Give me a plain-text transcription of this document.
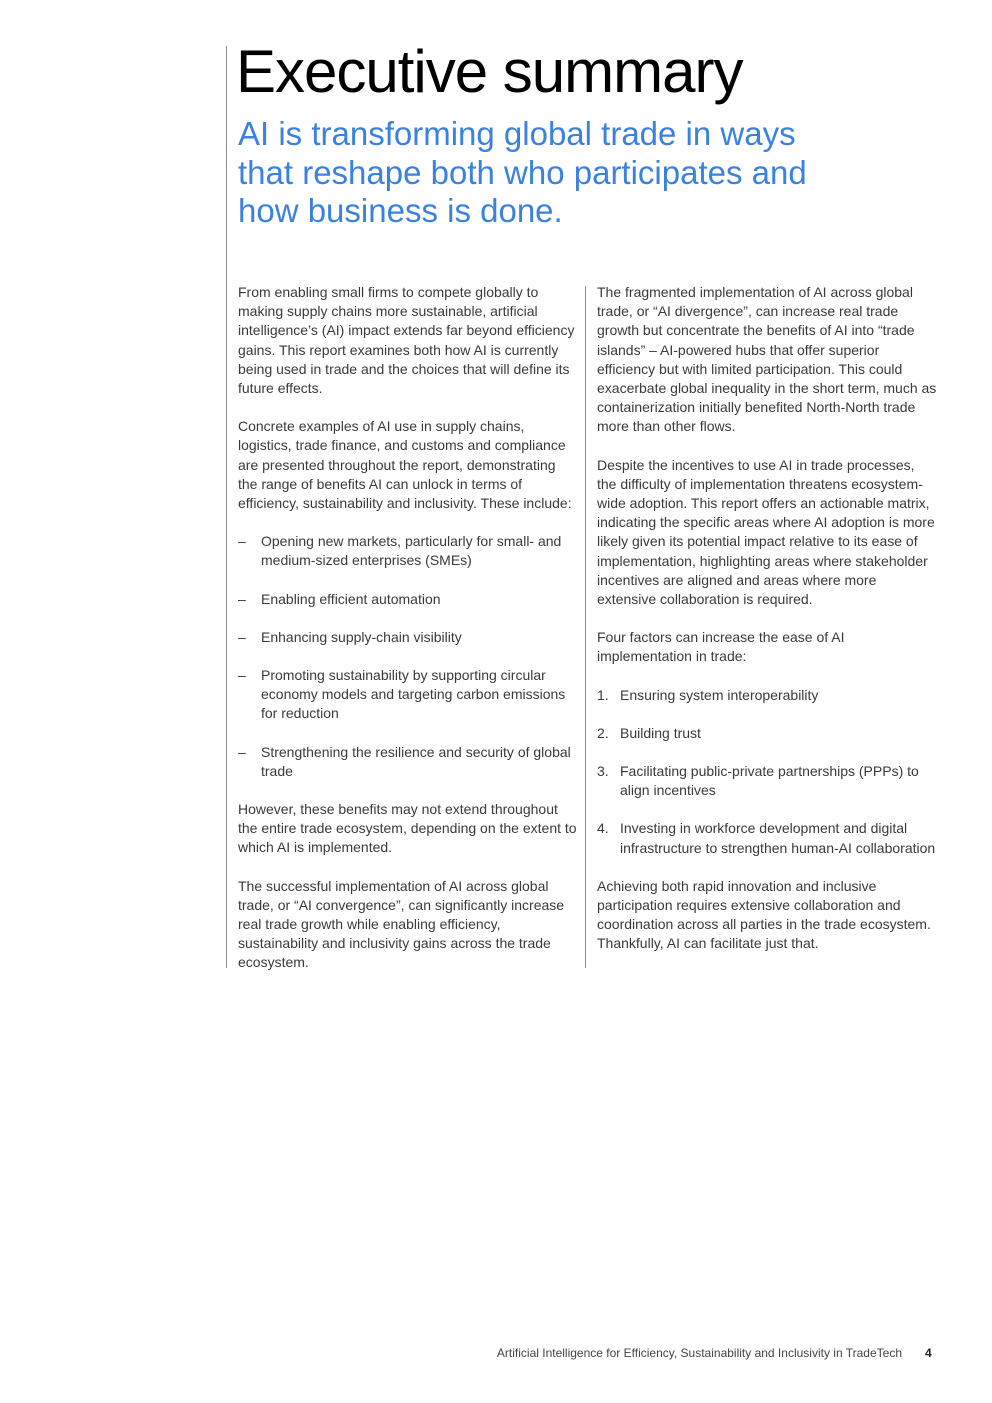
Executive summary
AI is transforming global trade in ways that reshape both who participates and how business is done.

From enabling small firms to compete globally to making supply chains more sustainable, artificial intelligence’s (AI) impact extends far beyond efficiency gains. This report examines both how AI is currently being used in trade and the choices that will define its future effects.

Concrete examples of AI use in supply chains, logistics, trade finance, and customs and compliance are presented throughout the report, demonstrating the range of benefits AI can unlock in terms of efficiency, sustainability and inclusivity. These include:

– Opening new markets, particularly for small- and medium-sized enterprises (SMEs)
– Enabling efficient automation
– Enhancing supply-chain visibility
– Promoting sustainability by supporting circular economy models and targeting carbon emissions for reduction
– Strengthening the resilience and security of global trade

However, these benefits may not extend throughout the entire trade ecosystem, depending on the extent to which AI is implemented.

The successful implementation of AI across global trade, or “AI convergence”, can significantly increase real trade growth while enabling efficiency, sustainability and inclusivity gains across the trade ecosystem.

The fragmented implementation of AI across global trade, or “AI divergence”, can increase real trade growth but concentrate the benefits of AI into “trade islands” – AI-powered hubs that offer superior efficiency but with limited participation. This could exacerbate global inequality in the short term, much as containerization initially benefited North-North trade more than other flows.

Despite the incentives to use AI in trade processes, the difficulty of implementation threatens ecosystem-wide adoption. This report offers an actionable matrix, indicating the specific areas where AI adoption is more likely given its potential impact relative to its ease of implementation, highlighting areas where stakeholder incentives are aligned and areas where more extensive collaboration is required.

Four factors can increase the ease of AI implementation in trade:

1. Ensuring system interoperability
2. Building trust
3. Facilitating public-private partnerships (PPPs) to align incentives
4. Investing in workforce development and digital infrastructure to strengthen human-AI collaboration

Achieving both rapid innovation and inclusive participation requires extensive collaboration and coordination across all parties in the trade ecosystem. Thankfully, AI can facilitate just that.

Artificial Intelligence for Efficiency, Sustainability and Inclusivity in TradeTech 4
